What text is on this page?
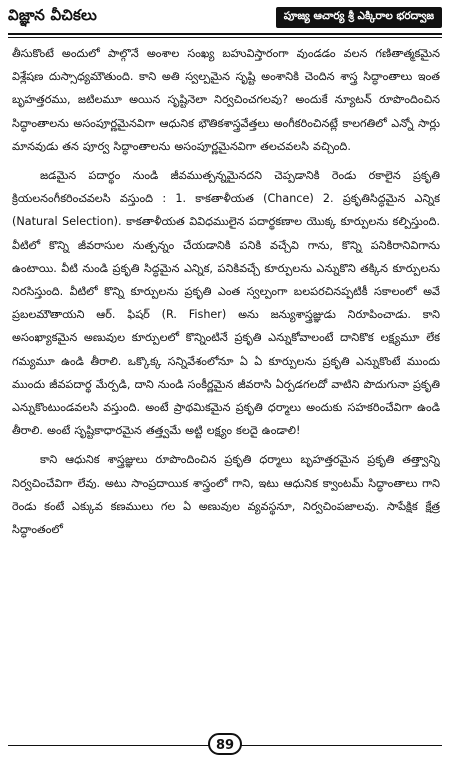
విజ్ఞాన వీచికలు	పూజ్య ఆచార్య శ్రీ ఎక్కిరాల భరద్వాజ

తీసుకొంటే అందులో పాల్గొనే అంశాల సంఖ్య బహువిస్తారంగా వుండడం వలన గణితాత్మకమైన విశ్లేషణ దుస్సాధ్యమౌతుంది. కాని అతి స్వల్పమైన సృష్టి అంశానికి చెందిన శాస్త్ర సిద్ధాంతాలు ఇంత బృహత్తరము, జటిలమూ అయిన సృష్టినెలా నిర్వచించగలవు? అందుకే న్యూటన్ రూపొందించిన సిద్ధాంతాలను అసంపూర్ణమైనవిగా ఆధునిక భౌతికశాస్త్రవేత్తలు అంగీకరించినట్లే కాలగతిలో ఎన్నో సార్లు మానవుడు తన పూర్వ సిద్ధాంతాలను అసంపూర్ణమైనవిగా తలచవలసి వచ్చింది.

జడమైన పదార్థం నుండి జీవముత్పన్నమైనదని చెప్పడానికి రెండు రకాలైన ప్రకృతి క్రియలనంగీకరించవలసి వస్తుంది : 1. కాకతాళీయత (Chance) 2. ప్రకృతిసిద్ధమైన ఎన్నిక (Natural Selection). కాకతాళీయత వివిధములైన పదార్థకణాల యొక్క కూర్పులను కల్పిస్తుంది. వీటిలో కొన్ని జీవరాసుల నుత్పన్నం చేయడానికి పనికి వచ్చేవి గాను, కొన్ని పనికిరానివిగాను ఉంటాయి. వీటి నుండి ప్రకృతి సిద్ధమైన ఎన్నిక, పనికివచ్చే కూర్పులను ఎన్నుకొని తక్కిన కూర్పులను నిరసిస్తుంది. వీటిలో కొన్ని కూర్పులను ప్రకృతి ఎంత స్వల్పంగా బలపరచినప్పటికీ సకాలంలో అవే ప్రబలమౌతాయని ఆర్. ఫిషర్ (R. Fisher) అను జన్యుశాస్త్రజ్ఞుడు నిరూపించాడు. కాని అసంఖ్యాకమైన అణువుల కూర్పులలో కొన్నింటినే ప్రకృతి ఎన్నుకోవాలంటే దానికొక లక్ష్యమూ లేక గమ్యమూ ఉండి తీరాలి. ఒక్కొక్క సన్నివేశంలోనూ ఏ ఏ కూర్పులను ప్రకృతి ఎన్నుకొంటే ముందు ముందు జీవపదార్థ మేర్పడి, దాని నుండి సంకీర్ణమైన జీవరాసి ఏర్పడగలదో వాటిని పొదుగునా ప్రకృతి ఎన్నుకొంటుండవలసి వస్తుంది. అంటే ప్రాథమికమైన ప్రకృతి ధర్మాలు అందుకు సహకరించేవిగా ఉండి తీరాలి. అంటే సృష్టికాధారమైన తత్త్వమే అట్టి లక్ష్యం కలదై ఉండాలి!

కాని ఆధునిక శాస్త్రజ్ఞులు రూపొందించిన ప్రకృతి ధర్మాలు బృహత్తరమైన ప్రకృతి తత్త్వాన్ని నిర్వచించేవిగా లేవు. అటు సాంప్రదాయిక శాస్త్రంలో గాని, ఇటు ఆధునిక క్వాంటమ్ సిద్ధాంతాలు గాని రెండు కంటే ఎక్కువ కణములు గల ఏ అణువుల వ్యవస్థనూ, నిర్వచింపజాలవు. సాపేక్షిక క్షేత్ర సిద్ధాంతంలో

89
